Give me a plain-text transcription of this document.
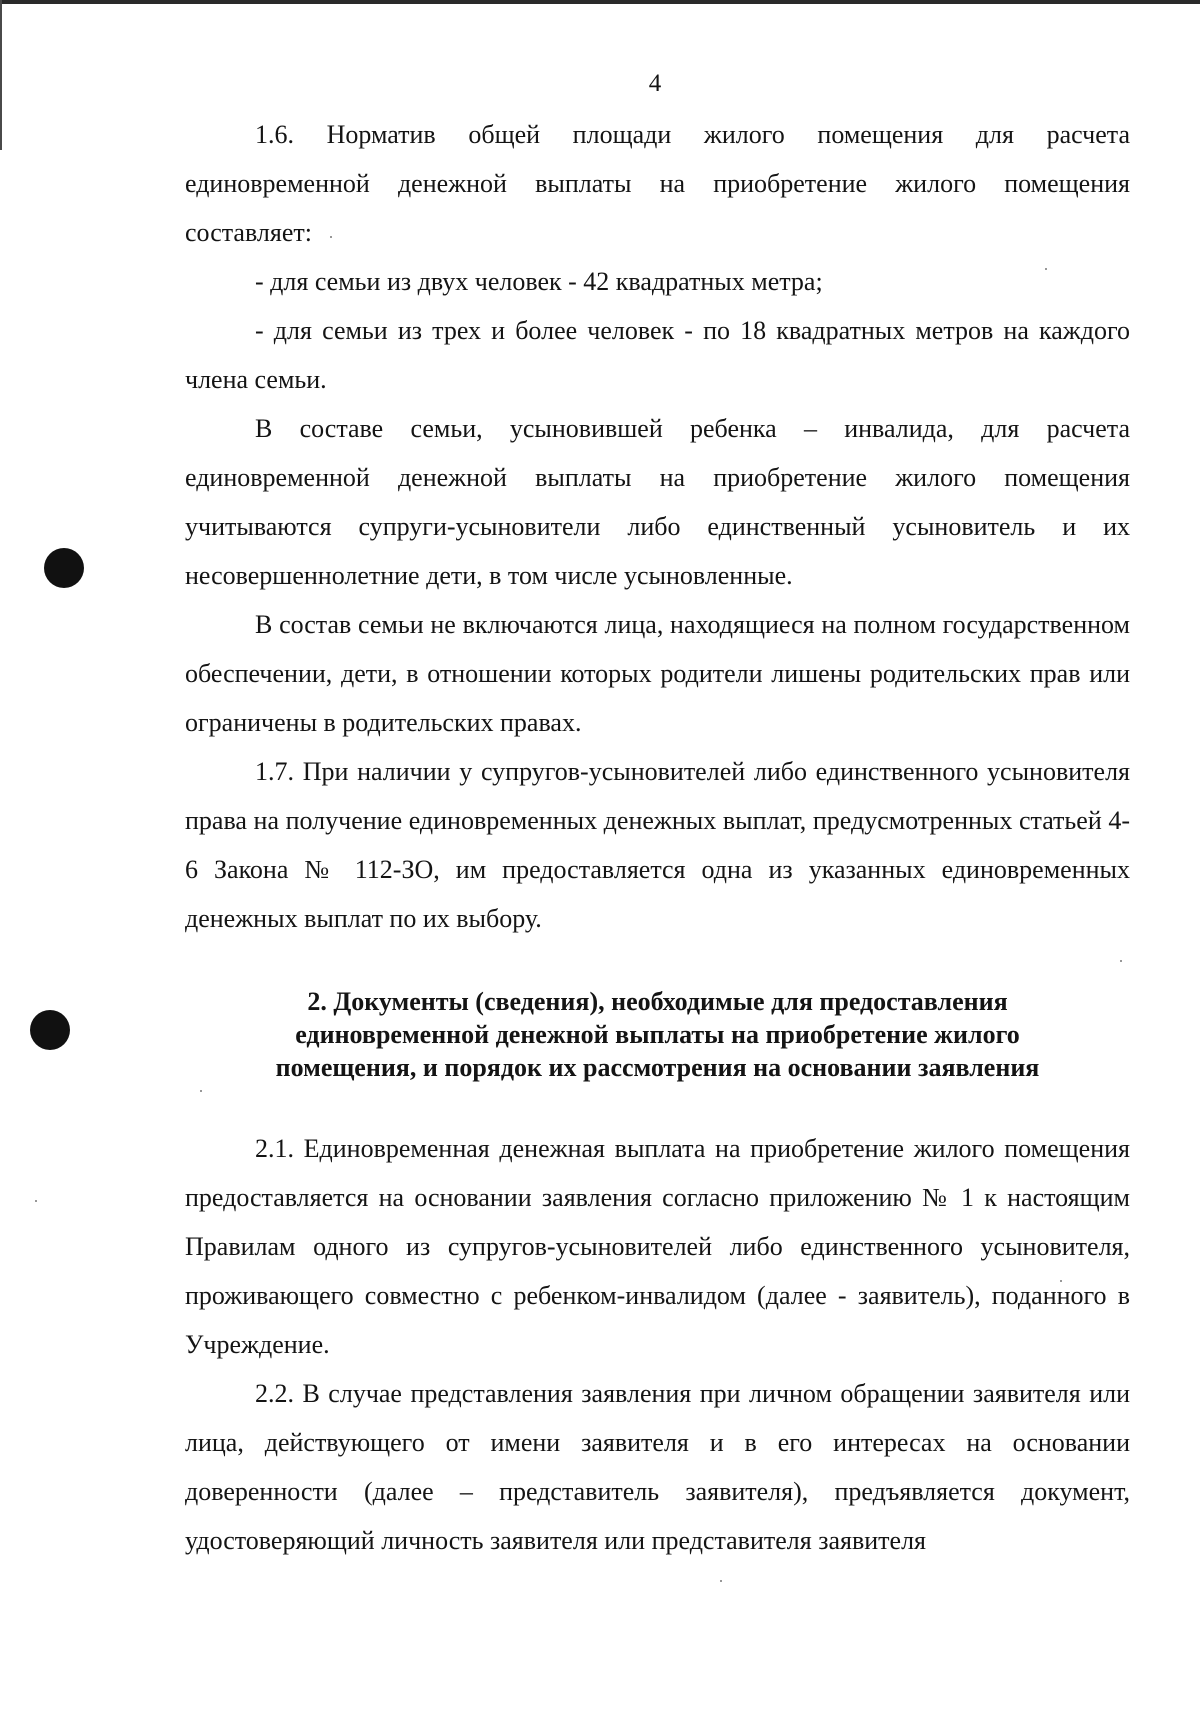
4

1.6. Норматив общей площади жилого помещения для расчета единовременной денежной выплаты на приобретение жилого помещения составляет:

- для семьи из двух человек - 42 квадратных метра;

- для семьи из трех и более человек - по 18 квадратных метров на каждого члена семьи.

В составе семьи, усыновившей ребенка – инвалида, для расчета единовременной денежной выплаты на приобретение жилого помещения учитываются супруги-усыновители либо единственный усыновитель и их несовершеннолетние дети, в том числе усыновленные.

В состав семьи не включаются лица, находящиеся на полном государственном обеспечении, дети, в отношении которых родители лишены родительских прав или ограничены в родительских правах.

1.7. При наличии у супругов-усыновителей либо единственного усыновителя права на получение единовременных денежных выплат, предусмотренных статьей 4-6 Закона № 112-ЗО, им предоставляется одна из указанных единовременных денежных выплат по их выбору.

2. Документы (сведения), необходимые для предоставления
единовременной денежной выплаты на приобретение жилого
помещения, и порядок их рассмотрения на основании заявления

2.1. Единовременная денежная выплата на приобретение жилого помещения предоставляется на основании заявления согласно приложению № 1 к настоящим Правилам одного из супругов-усыновителей либо единственного усыновителя, проживающего совместно с ребенком-инвалидом (далее - заявитель), поданного в Учреждение.

2.2. В случае представления заявления при личном обращении заявителя или лица, действующего от имени заявителя и в его интересах на основании доверенности (далее – представитель заявителя), предъявляется документ, удостоверяющий личность заявителя или представителя заявителя
